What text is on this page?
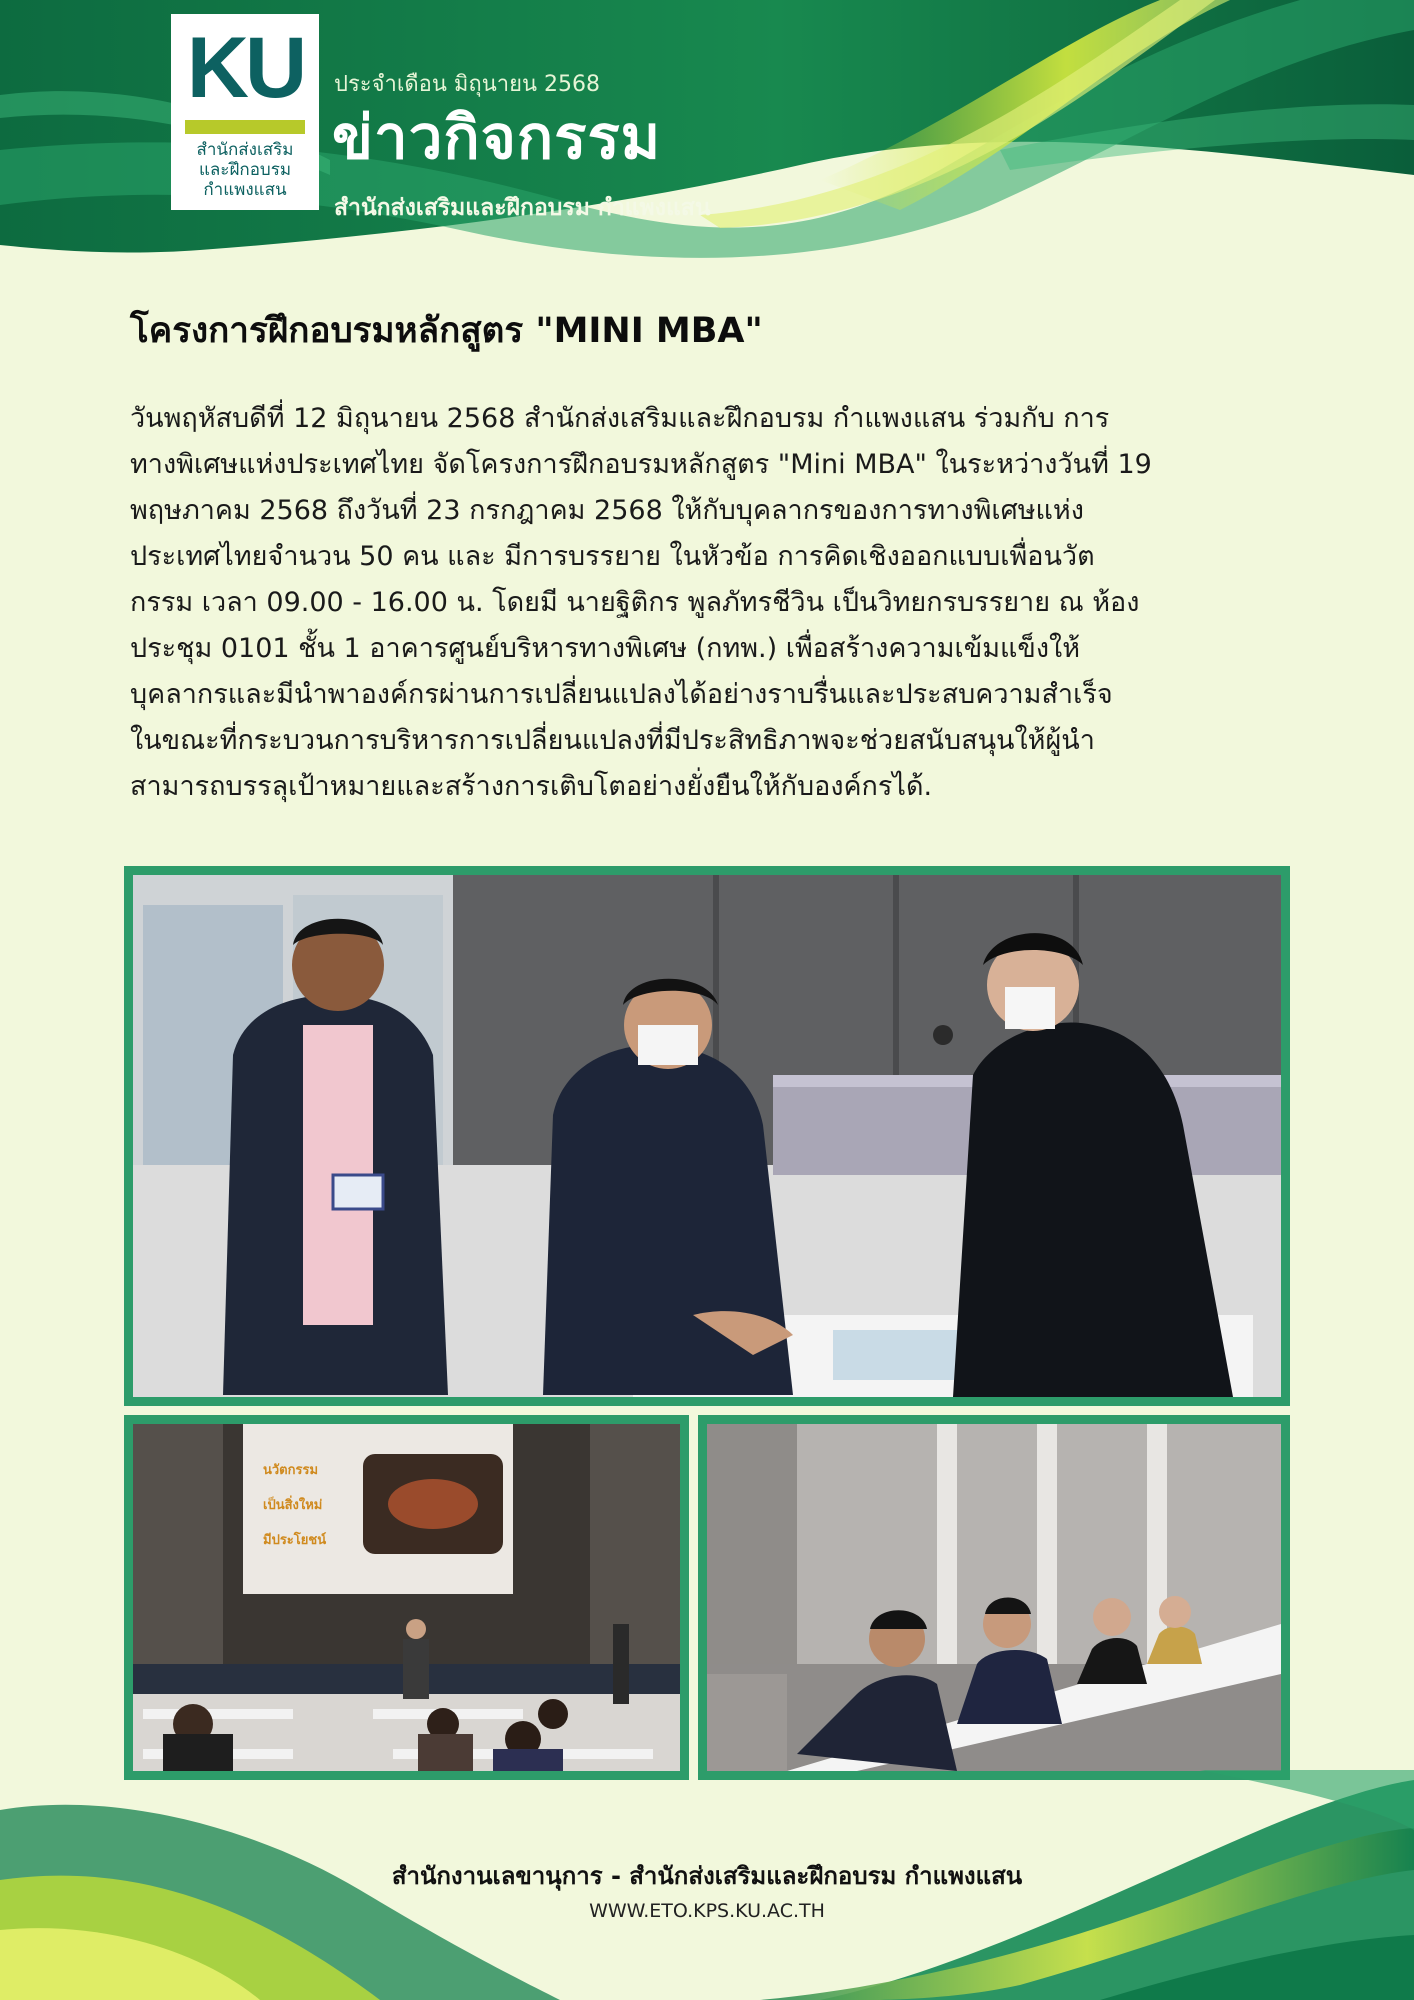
KU
สำนักส่งเสริม
และฝึกอบรม
กำแพงแสน
ประจำเดือน มิถุนายน 2568
ข่าวกิจกรรม
สำนักส่งเสริมและฝึกอบรม กำแพงแสน
โครงการฝึกอบรมหลักสูตร "MINI MBA"
วันพฤหัสบดีที่ 12 มิถุนายน 2568 สำนักส่งเสริมและฝึกอบรม กำแพงแสน ร่วมกับ การ
ทางพิเศษแห่งประเทศไทย จัดโครงการฝึกอบรมหลักสูตร "Mini MBA" ในระหว่างวันที่ 19
พฤษภาคม 2568 ถึงวันที่ 23 กรกฎาคม 2568 ให้กับบุคลากรของการทางพิเศษแห่ง
ประเทศไทยจำนวน 50 คน และ มีการบรรยาย ในหัวข้อ การคิดเชิงออกแบบเพื่อนวัต
กรรม เวลา 09.00 - 16.00 น. โดยมี นายฐิติกร พูลภัทรชีวิน เป็นวิทยกรบรรยาย ณ ห้อง
ประชุม 0101 ชั้น 1 อาคารศูนย์บริหารทางพิเศษ (กทพ.) เพื่อสร้างความเข้มแข็งให้
บุคลากรและมีนำพาองค์กรผ่านการเปลี่ยนแปลงได้อย่างราบรื่นและประสบความสำเร็จ
ในขณะที่กระบวนการบริหารการเปลี่ยนแปลงที่มีประสิทธิภาพจะช่วยสนับสนุนให้ผู้นำ
สามารถบรรลุเป้าหมายและสร้างการเติบโตอย่างยั่งยืนให้กับองค์กรได้.
นวัตกรรม
เป็นสิ่งใหม่
มีประโยชน์
สำนักงานเลขานุการ - สำนักส่งเสริมและฝึกอบรม กำแพงแสน
WWW.ETO.KPS.KU.AC.TH
